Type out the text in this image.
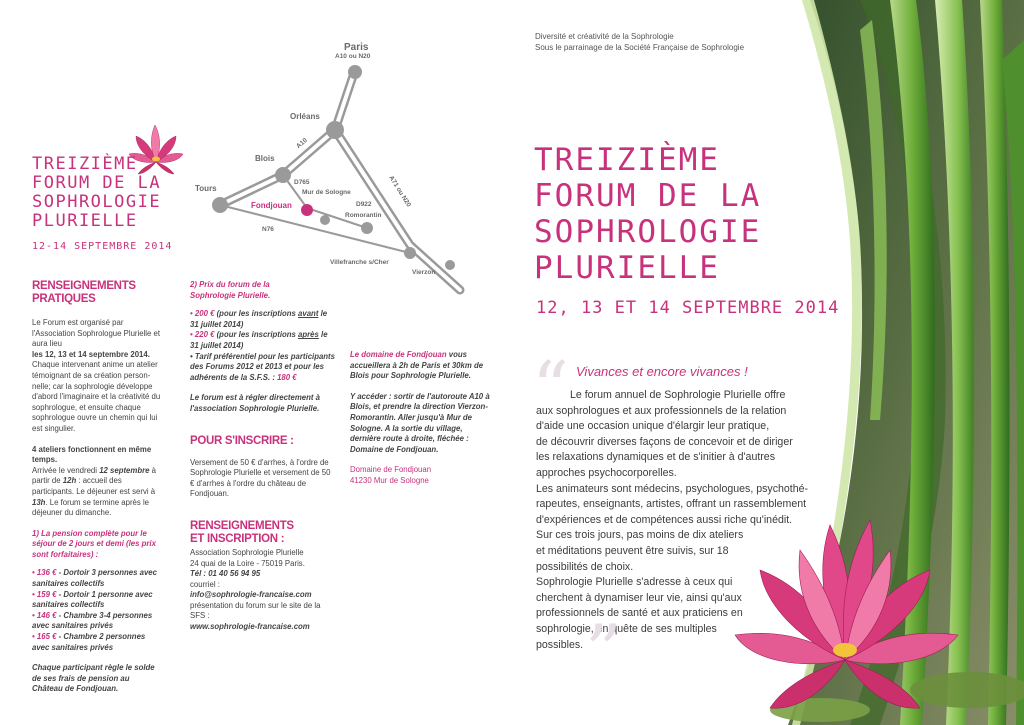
Paris
A10 ou N20
Orléans
A10
A71 ou N20
Blois
Tours
D765
Mur de Sologne
Fondjouan	D922
Romorantin
N76
Villefranche s/Cher
Vierzon
TREIZIÈME
FORUM DE LA
SOPHROLOGIE
PLURIELLE
12-14 SEPTEMBRE 2014
RENSEIGNEMENTS
PRATIQUES

Le Forum est organisé par l'Association Sophrologue Plurielle et aura lieu
les 12, 13 et 14 septembre 2014.
Chaque intervenant anime un atelier témoignant de sa création personnelle; car la sophrologie développe d'abord l'imaginaire et la créativité du sophrologue, et ensuite chaque sophrologue ouvre un chemin qui lui est singulier.

4 ateliers fonctionnent en même temps.
Arrivée le vendredi 12 septembre à partir de 12h : accueil des participants. Le déjeuner est servi à 13h. Le forum se termine après le déjeuner du dimanche.

1) La pension complète pour le séjour de 2 jours et demi (les prix sont forfaitaires) :

• 136 € - Dortoir 3 personnes avec sanitaires collectifs

• 159 € - Dortoir 1 personne avec sanitaires collectifs

• 146 € - Chambre 3-4 personnes avec sanitaires privés

• 165 € - Chambre 2 personnes avec sanitaires privés

Chaque participant règle le solde de ses frais de pension au Château de Fondjouan.

2) Prix du forum de la Sophrologie Plurielle.

• 200 € (pour les inscriptions avant le 31 juillet 2014)

• 220 € (pour les inscriptions après le 31 juillet 2014)

• Tarif préférentiel pour les participants des Forums 2012 et 2013 et pour les adhérents de la S.F.S. : 180 €

Le forum est à régler directement à l'association Sophrologie Plurielle.

POUR S'INSCRIRE :
Versement de 50 € d'arrhes, à l'ordre de Sophrologie Plurielle et versement de 50 € d'arrhes à l'ordre du château de Fondjouan.
RENSEIGNEMENTS
ET INSCRIPTION :

Association Sophrologie Plurielle

24 quai de la Loire - 75019 Paris.

Tél : 01 40 56 94 95

courriel :

info@sophrologie-francaise.com

présentation du forum sur le site de la SFS :

www.sophrologie-francaise.com

Le domaine de Fondjouan vous accueillera à 2h de Paris et 30km de Blois pour Sophrologie Plurielle.

Y accéder : sortir de l'autoroute A10 à Blois, et prendre la direction Vierzon-Romorantin. Aller jusqu'à Mur de Sologne. A la sortie du village, dernière route à droite, fléchée : Domaine de Fondjouan.

Domaine de Fondjouan

41230 Mur de Sologne

Diversité et créativité de la Sophrologie
Sous le parrainage de la Société Française de Sophrologie
TREIZIÈME
FORUM DE LA
SOPHROLOGIE
PLURIELLE
12, 13 ET 14 SEPTEMBRE 2014
“ Vivances et encore vivances !

Le forum annuel de Sophrologie Plurielle offre

aux sophrologues et aux professionnels de la relation

d'aide une occasion unique d'élargir leur pratique,

de découvrir diverses façons de concevoir et de diriger

les relaxations dynamiques et de s'initier à d'autres

approches psychocorporelles.

Les animateurs sont médecins, psychologues, psychothé-

rapeutes, enseignants, artistes, offrant un rassemblement

d'expériences et de compétences aussi riche qu'inédit.

Sur ces trois jours, pas moins de dix ateliers

et méditations peuvent être suivis, sur 18

possibilités de choix.

Sophrologie Plurielle s'adresse à ceux qui

cherchent à dynamiser leur vie, ainsi qu'aux

professionnels de santé et aux praticiens en

sophrologie, en quête de ses multiples

possibles. ”
